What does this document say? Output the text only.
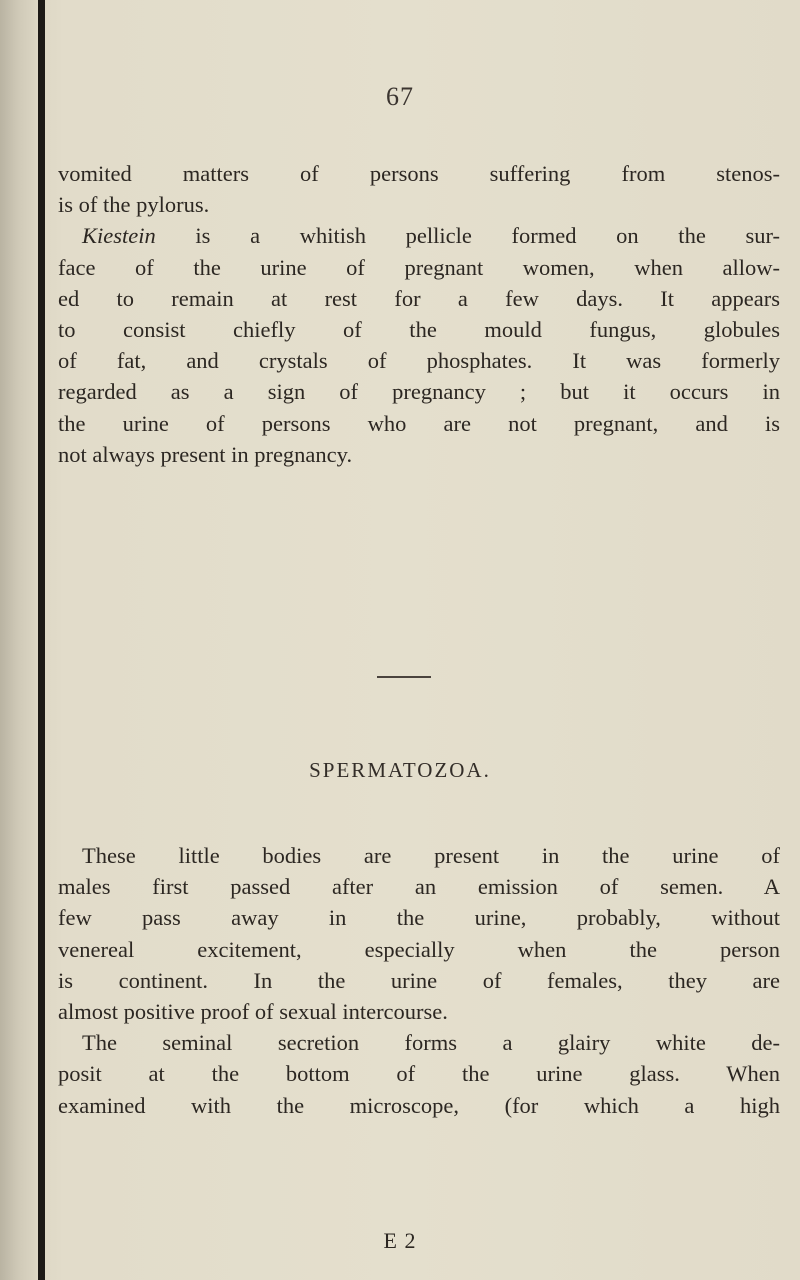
67
vomited matters of persons suffering from stenos-
is of the pylorus.
Kiestein is a whitish pellicle formed on the sur-
face of the urine of pregnant women, when allow-
ed to remain at rest for a few days. It appears
to consist chiefly of the mould fungus, globules
of fat, and crystals of phosphates. It was formerly
regarded as a sign of pregnancy ; but it occurs in
the urine of persons who are not pregnant, and is
not always present in pregnancy.
SPERMATOZOA.
These little bodies are present in the urine of
males first passed after an emission of semen. A
few pass away in the urine, probably, without
venereal excitement, especially when the person
is continent. In the urine of females, they are
almost positive proof of sexual intercourse.
The seminal secretion forms a glairy white de-
posit at the bottom of the urine glass. When
examined with the microscope, (for which a high
E 2
